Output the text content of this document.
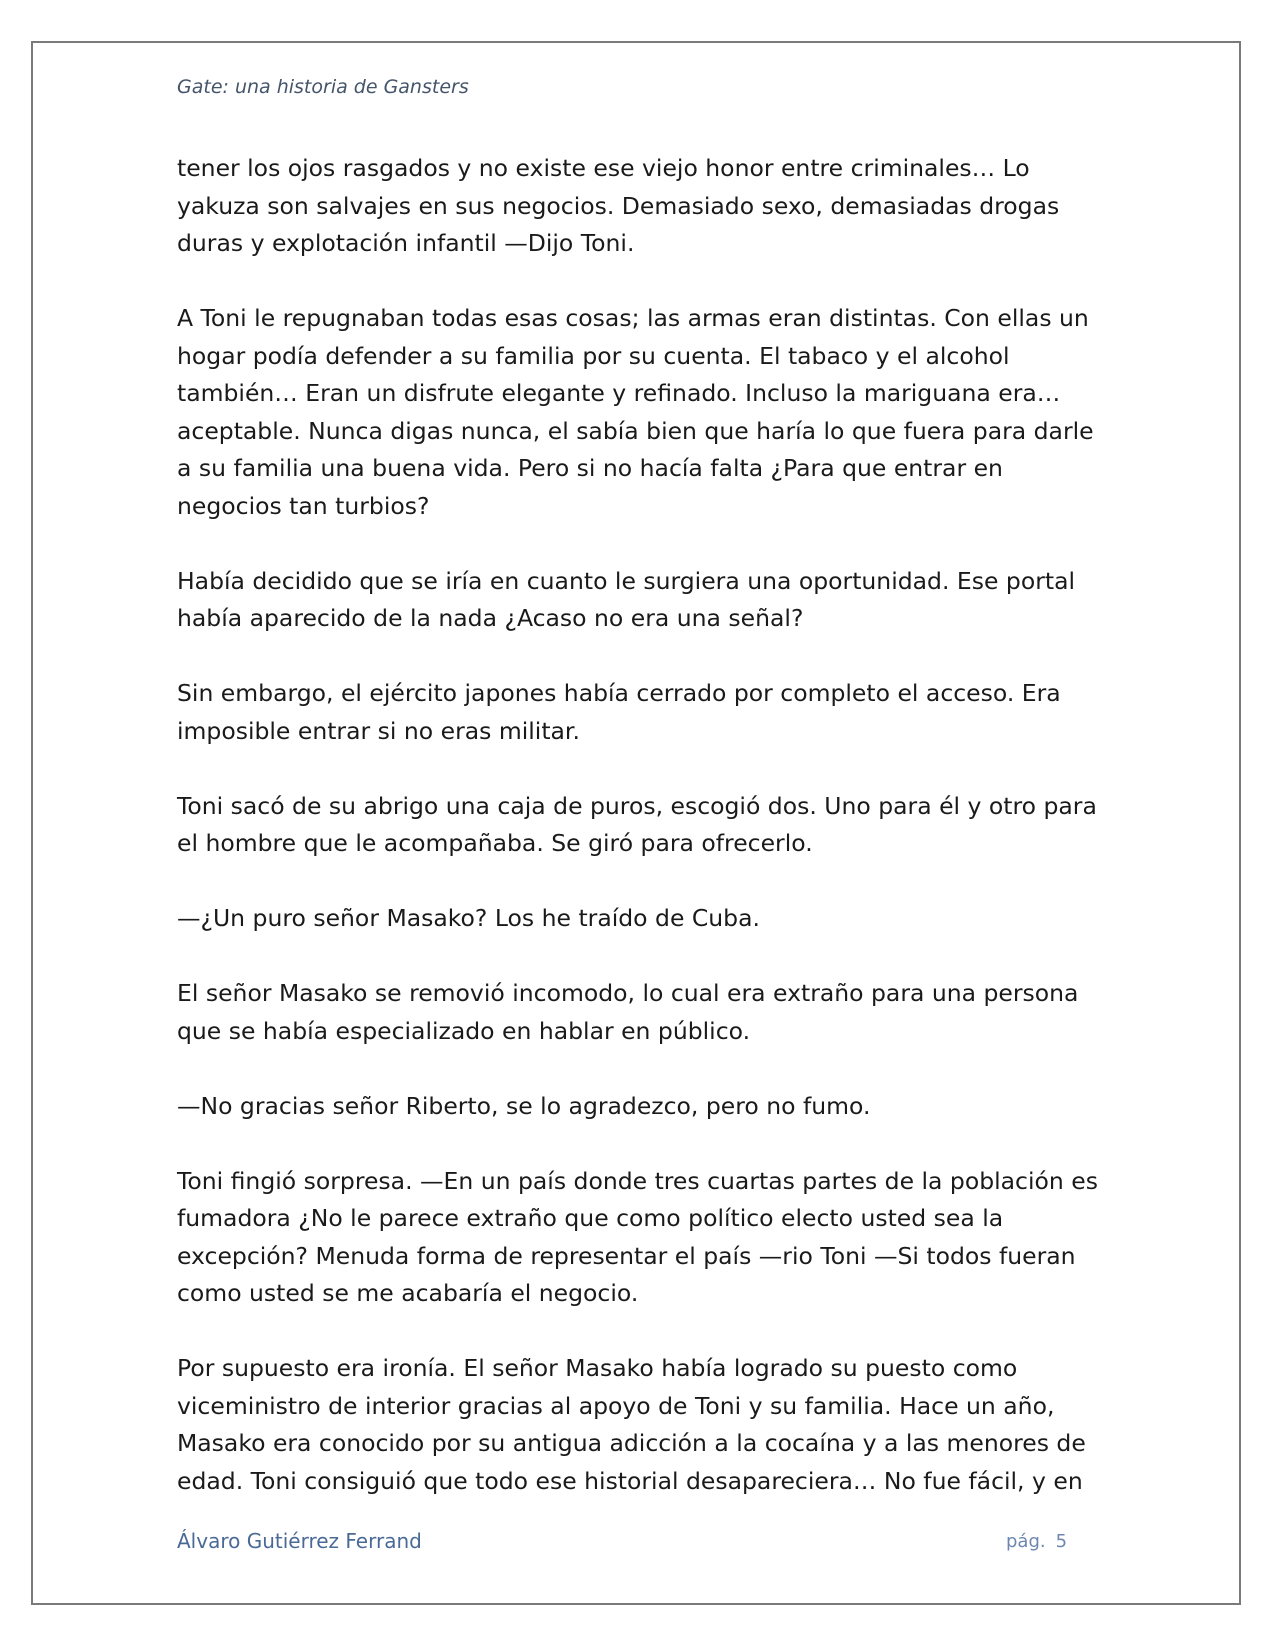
Gate: una historia de Gansters

tener los ojos rasgados y no existe ese viejo honor entre criminales… Lo yakuza son salvajes en sus negocios. Demasiado sexo, demasiadas drogas duras y explotación infantil —Dijo Toni.

A Toni le repugnaban todas esas cosas; las armas eran distintas. Con ellas un hogar podía defender a su familia por su cuenta. El tabaco y el alcohol también… Eran un disfrute elegante y refinado. Incluso la mariguana era… aceptable. Nunca digas nunca, el sabía bien que haría lo que fuera para darle a su familia una buena vida. Pero si no hacía falta ¿Para que entrar en negocios tan turbios?

Había decidido que se iría en cuanto le surgiera una oportunidad. Ese portal había aparecido de la nada ¿Acaso no era una señal?

Sin embargo, el ejército japones había cerrado por completo el acceso. Era imposible entrar si no eras militar.

Toni sacó de su abrigo una caja de puros, escogió dos. Uno para él y otro para el hombre que le acompañaba. Se giró para ofrecerlo.

—¿Un puro señor Masako? Los he traído de Cuba.

El señor Masako se removió incomodo, lo cual era extraño para una persona que se había especializado en hablar en público.

—No gracias señor Riberto, se lo agradezco, pero no fumo.

Toni fingió sorpresa. —En un país donde tres cuartas partes de la población es fumadora ¿No le parece extraño que como político electo usted sea la excepción? Menuda forma de representar el país —rio Toni —Si todos fueran como usted se me acabaría el negocio.

Por supuesto era ironía. El señor Masako había logrado su puesto como viceministro de interior gracias al apoyo de Toni y su familia. Hace un año, Masako era conocido por su antigua adicción a la cocaína y a las menores de edad. Toni consiguió que todo ese historial desapareciera… No fue fácil, y en

Álvaro Gutiérrez Ferrand	pág. 5
